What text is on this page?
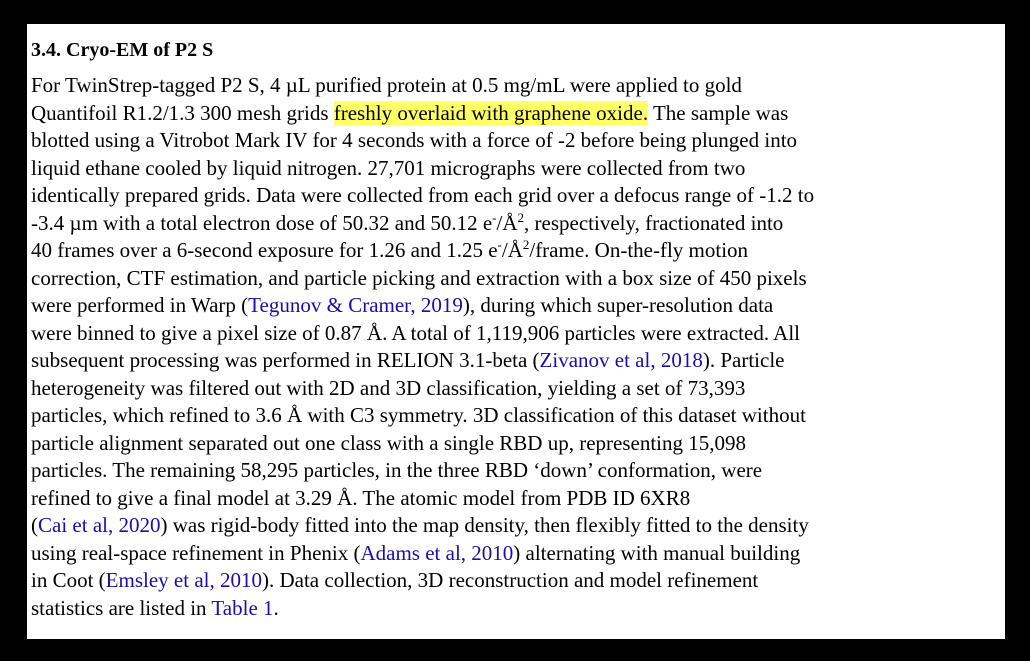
3.4. Cryo-EM of P2 S
For TwinStrep-tagged P2 S, 4 µL purified protein at 0.5 mg/mL were applied to gold
Quantifoil R1.2/1.3 300 mesh grids freshly overlaid with graphene oxide. The sample was
blotted using a Vitrobot Mark IV for 4 seconds with a force of -2 before being plunged into
liquid ethane cooled by liquid nitrogen. 27,701 micrographs were collected from two
identically prepared grids. Data were collected from each grid over a defocus range of -1.2 to
-3.4 µm with a total electron dose of 50.32 and 50.12 $e^-/Å^2$, respectively, fractionated into
40 frames over a 6-second exposure for 1.26 and 1.25 $e^-/Å^2$/frame. On-the-fly motion
correction, CTF estimation, and particle picking and extraction with a box size of 450 pixels
were performed in Warp (Tegunov & Cramer, 2019), during which super-resolution data
were binned to give a pixel size of 0.87 Å. A total of 1,119,906 particles were extracted. All
subsequent processing was performed in RELION 3.1-beta (Zivanov et al, 2018). Particle
heterogeneity was filtered out with 2D and 3D classification, yielding a set of 73,393
particles, which refined to 3.6 Å with C3 symmetry. 3D classification of this dataset without
particle alignment separated out one class with a single RBD up, representing 15,098
particles. The remaining 58,295 particles, in the three RBD ‘down’ conformation, were
refined to give a final model at 3.29 Å. The atomic model from PDB ID 6XR8
(Cai et al, 2020) was rigid-body fitted into the map density, then flexibly fitted to the density
using real-space refinement in Phenix (Adams et al, 2010) alternating with manual building
in Coot (Emsley et al, 2010). Data collection, 3D reconstruction and model refinement
statistics are listed in Table 1.
